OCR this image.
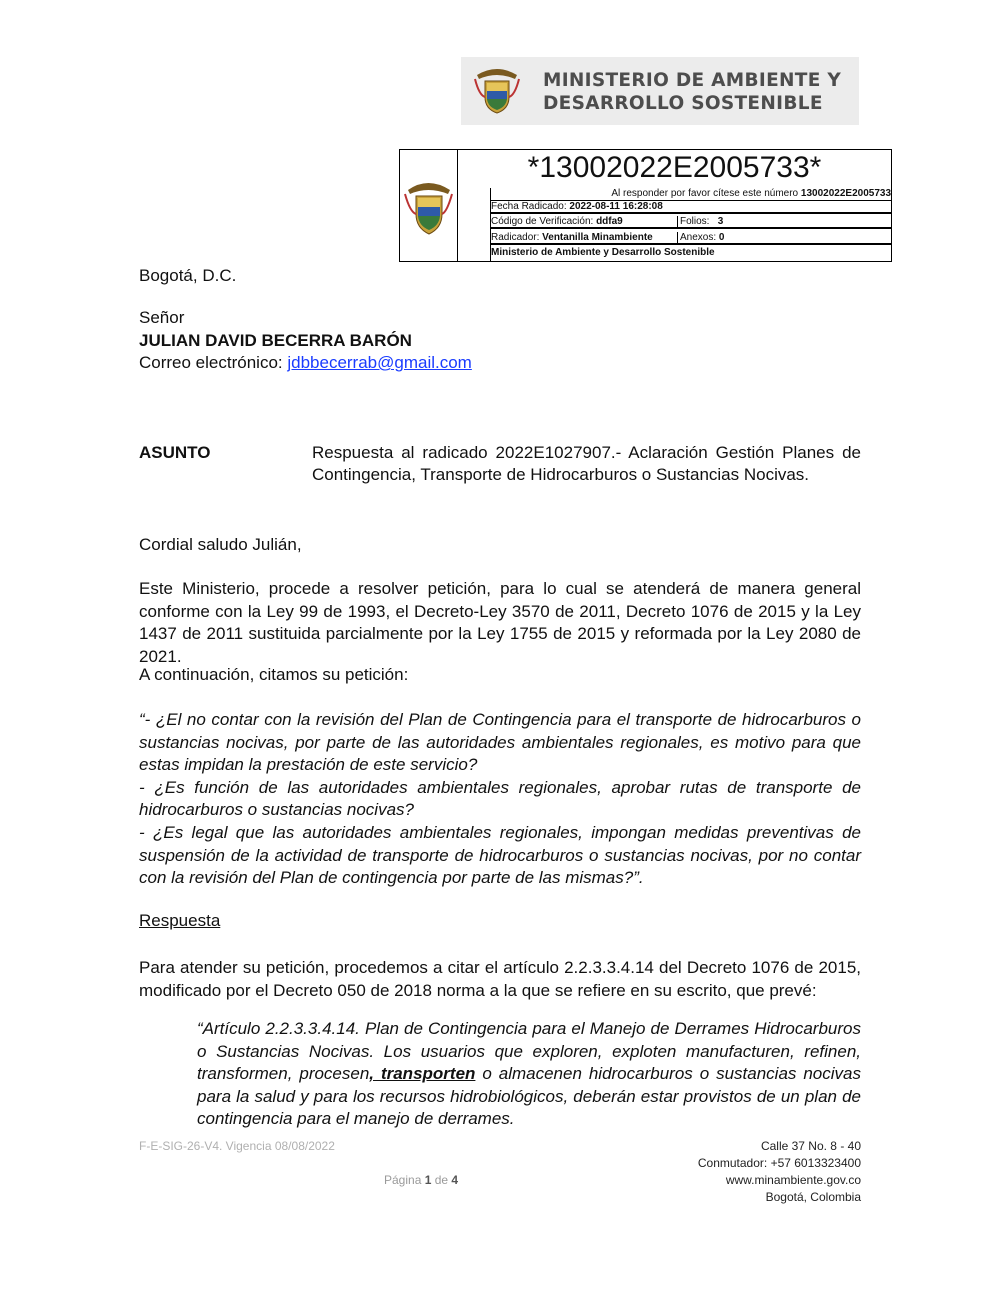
MINISTERIO DE AMBIENTE Y
DESARROLLO SOSTENIBLE
*13002022E2005733*
Al responder por favor cítese este número 13002022E2005733
Fecha Radicado: 2022-08-11 16:28:08
Código de Verificación: ddfa9	Folios:   3
Radicador: Ventanilla Minambiente	Anexos: 0
Ministerio de Ambiente y Desarrollo Sostenible
Bogotá, D.C.
Señor
JULIAN DAVID BECERRA BARÓN
Correo electrónico: jdbbecerrab@gmail.com
ASUNTO	Respuesta al radicado 2022E1027907.- Aclaración Gestión Planes de Contingencia, Transporte de Hidrocarburos o Sustancias Nocivas.
Cordial saludo Julián,
Este Ministerio, procede a resolver petición, para lo cual se atenderá de manera general conforme con la Ley 99 de 1993, el Decreto-Ley 3570 de 2011, Decreto 1076 de 2015 y la Ley 1437 de 2011 sustituida parcialmente por la Ley 1755 de 2015 y reformada por la Ley 2080 de 2021.
A continuación, citamos su petición:
“- ¿El no contar con la revisión del Plan de Contingencia para el transporte de hidrocarburos o sustancias nocivas, por parte de las autoridades ambientales regionales, es motivo para que estas impidan la prestación de este servicio?
- ¿Es función de las autoridades ambientales regionales, aprobar rutas de transporte de hidrocarburos o sustancias nocivas?
- ¿Es legal que las autoridades ambientales regionales, impongan medidas preventivas de suspensión de la actividad de transporte de hidrocarburos o sustancias nocivas, por no contar con la revisión del Plan de contingencia por parte de las mismas?”.
Respuesta
Para atender su petición, procedemos a citar el artículo 2.2.3.3.4.14 del Decreto 1076 de 2015, modificado por el Decreto 050 de 2018 norma a la que se refiere en su escrito, que prevé:
“Artículo 2.2.3.3.4.14. Plan de Contingencia para el Manejo de Derrames Hidrocarburos o Sustancias Nocivas. Los usuarios que exploren, exploten manufacturen, refinen, transformen, procesen, transporten o almacenen hidrocarburos o sustancias nocivas para la salud y para los recursos hidrobiológicos, deberán estar provistos de un plan de contingencia para el manejo de derrames.
F-E-SIG-26-V4. Vigencia 08/08/2022
Página 1 de 4
Calle 37 No. 8 - 40
Conmutador: +57 6013323400
www.minambiente.gov.co
Bogotá, Colombia
